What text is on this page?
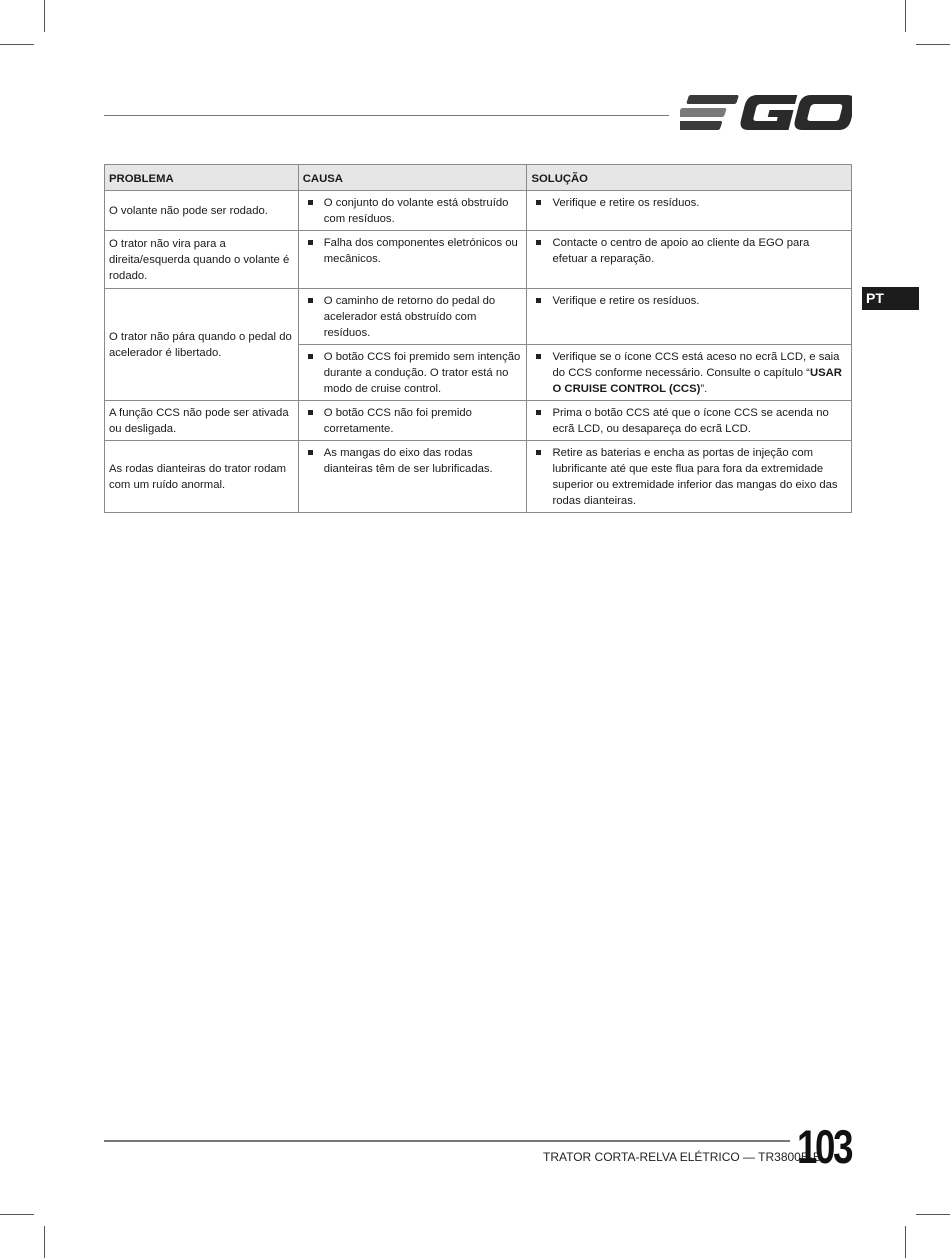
PT
PROBLEMA	CAUSA	SOLUÇÃO
O volante não pode ser rodado.	O conjunto do volante está obstruído com resíduos.	Verifique e retire os resíduos.

O trator não vira para a direita/esquerda quando o volante é rodado.	Falha dos componentes eletrónicos ou mecânicos.	Contacte o centro de apoio ao cliente da EGO para efetuar a reparação.

O trator não pára quando o pedal do acelerador é libertado.	O caminho de retorno do pedal do acelerador está obstruído com resíduos.	Verifique e retire os resíduos.

	O botão CCS foi premido sem intenção durante a condução. O trator está no modo de cruise control.	Verifique se o ícone CCS está aceso no ecrã LCD, e saia do CCS conforme necessário. Consulte o capítulo “USAR O CRUISE CONTROL (CCS)”.

A função CCS não pode ser ativada ou desligada.	O botão CCS não foi premido corretamente.	Prima o botão CCS até que o ícone CCS se acenda no ecrã LCD, ou desapareça do ecrã LCD.

As rodas dianteiras do trator rodam com um ruído anormal.	As mangas do eixo das rodas dianteiras têm de ser lubrificadas.	Retire as baterias e encha as portas de injeção com lubrificante até que este flua para fora da extremidade superior ou extremidade inferior das mangas do eixo das rodas dianteiras.
TRATOR CORTA-RELVA ELÉTRICO — TR3800E-B
103
